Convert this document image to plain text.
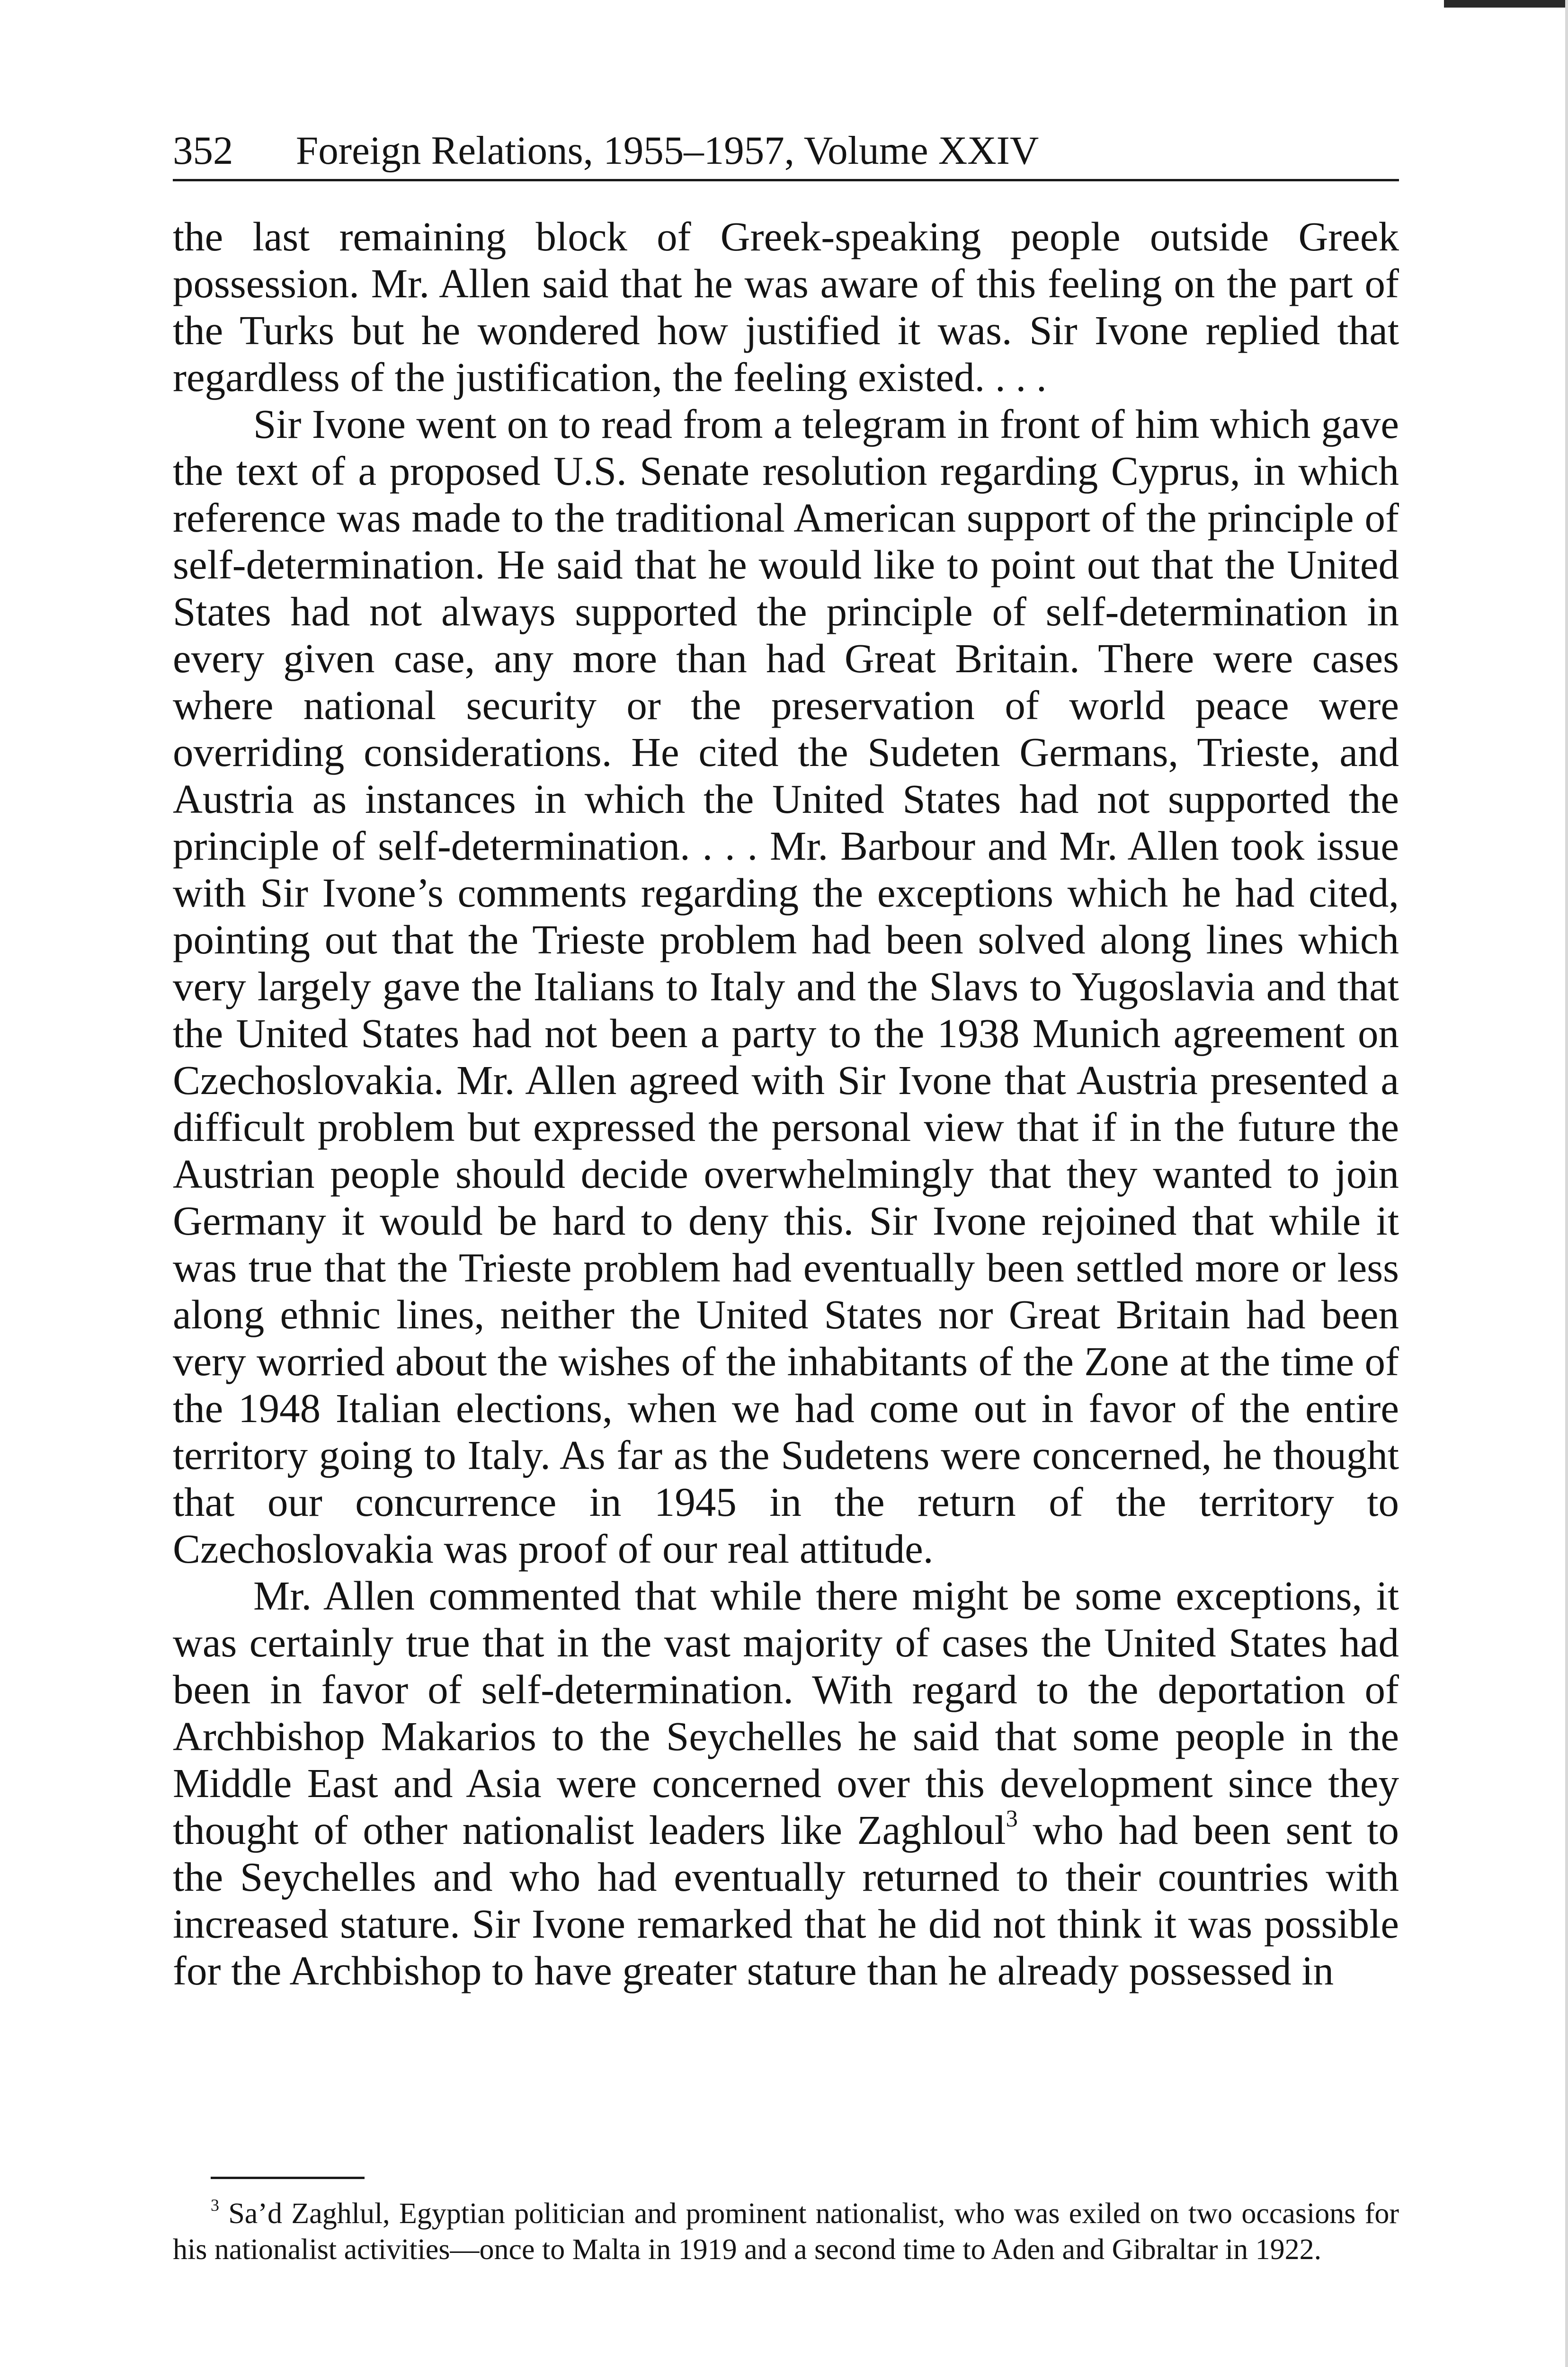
352 Foreign Relations, 1955–1957, Volume XXIV

the last remaining block of Greek-speaking people outside Greek possession. Mr. Allen said that he was aware of this feeling on the part of the Turks but he wondered how justified it was. Sir Ivone replied that regardless of the justification, the feeling existed. . . .

Sir Ivone went on to read from a telegram in front of him which gave the text of a proposed U.S. Senate resolution regarding Cyprus, in which reference was made to the traditional American support of the principle of self-determination. He said that he would like to point out that the United States had not always supported the principle of self-determination in every given case, any more than had Great Britain. There were cases where national security or the preservation of world peace were overriding considerations. He cited the Sudeten Germans, Trieste, and Austria as instances in which the United States had not supported the principle of self-determination. . . . Mr. Barbour and Mr. Allen took issue with Sir Ivone’s comments regarding the exceptions which he had cited, pointing out that the Trieste problem had been solved along lines which very largely gave the Italians to Italy and the Slavs to Yugoslavia and that the United States had not been a party to the 1938 Munich agreement on Czechoslovakia. Mr. Allen agreed with Sir Ivone that Austria presented a difficult problem but expressed the personal view that if in the future the Austrian people should decide overwhelmingly that they wanted to join Germany it would be hard to deny this. Sir Ivone rejoined that while it was true that the Trieste problem had eventually been settled more or less along ethnic lines, neither the United States nor Great Britain had been very worried about the wishes of the inhabitants of the Zone at the time of the 1948 Italian elections, when we had come out in favor of the entire territory going to Italy. As far as the Sudetens were concerned, he thought that our concurrence in 1945 in the return of the territory to Czechoslovakia was proof of our real attitude.

Mr. Allen commented that while there might be some exceptions, it was certainly true that in the vast majority of cases the United States had been in favor of self-determination. With regard to the deportation of Archbishop Makarios to the Seychelles he said that some people in the Middle East and Asia were concerned over this development since they thought of other nationalist leaders like Zaghloul$^3$ who had been sent to the Seychelles and who had eventually returned to their countries with increased stature. Sir Ivone remarked that he did not think it was possible for the Archbishop to have greater stature than he already possessed in

$^3$ Sa’d Zaghlul, Egyptian politician and prominent nationalist, who was exiled on two occasions for his nationalist activities—once to Malta in 1919 and a second time to Aden and Gibraltar in 1922.
